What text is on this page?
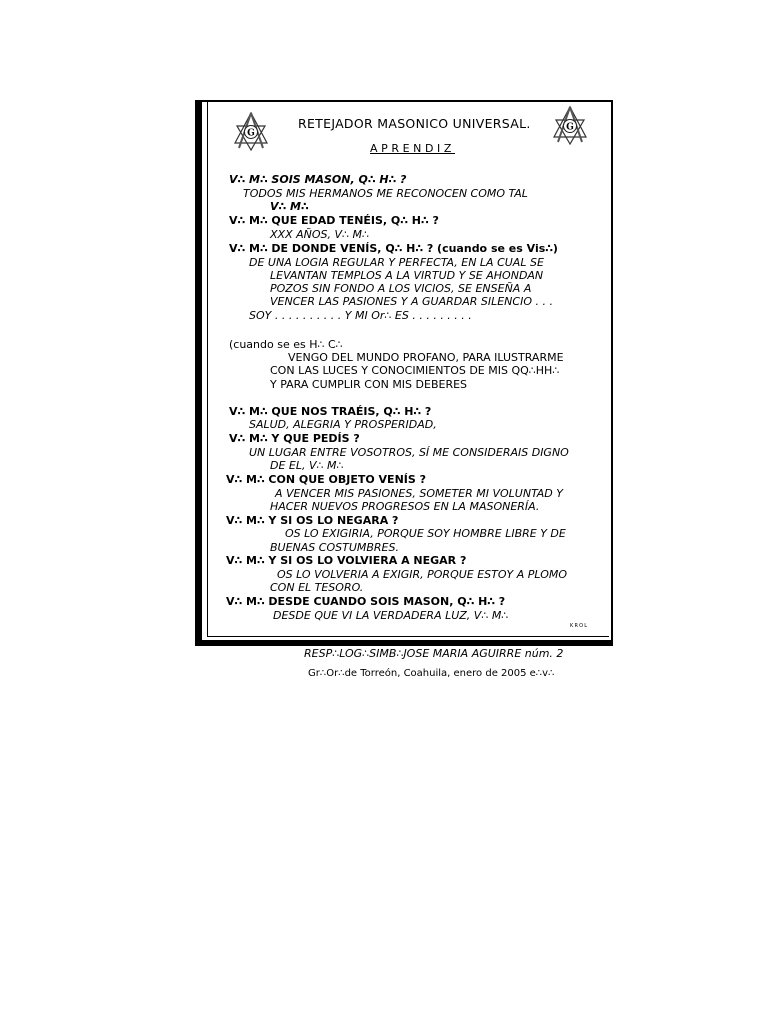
G
G
RETEJADOR MASONICO UNIVERSAL.
APRENDIZ
V∴ M∴ SOIS MASON, Q∴ H∴ ?
TODOS MIS HERMANOS ME RECONOCEN COMO TAL
V∴ M∴
V∴ M∴ QUE EDAD TENÉIS, Q∴ H∴ ?
XXX AÑOS, V∴ M∴
V∴ M∴ DE DONDE VENÍS, Q∴ H∴ ? (cuando se es Vis∴)
DE UNA LOGIA REGULAR Y PERFECTA, EN LA CUAL SE
LEVANTAN TEMPLOS A LA VIRTUD Y SE AHONDAN
POZOS SIN FONDO A LOS VICIOS, SE ENSEÑA A
VENCER LAS PASIONES Y A GUARDAR SILENCIO . . .
SOY . . . . . . . . . . Y MI Or∴ ES . . . . . . . . .
(cuando se es H∴ C∴
VENGO DEL MUNDO PROFANO, PARA ILUSTRARME
CON LAS LUCES Y CONOCIMIENTOS DE MIS QQ∴HH∴
Y PARA CUMPLIR CON MIS DEBERES
V∴ M∴ QUE NOS TRAÉIS, Q∴ H∴ ?
SALUD, ALEGRIA Y PROSPERIDAD,
V∴ M∴ Y QUE PEDÍS ?
UN LUGAR ENTRE VOSOTROS, SÍ ME CONSIDERAIS DIGNO
DE EL, V∴ M∴
V∴ M∴ CON QUE OBJETO VENÍS ?
A VENCER MIS PASIONES, SOMETER MI VOLUNTAD Y
HACER NUEVOS PROGRESOS EN LA MASONERÍA.
V∴ M∴ Y SI OS LO NEGARA ?
OS LO EXIGIRIA, PORQUE SOY HOMBRE LIBRE Y DE
BUENAS COSTUMBRES.
V∴ M∴ Y SI OS LO VOLVIERA A NEGAR ?
OS LO VOLVERIA A EXIGIR, PORQUE ESTOY A PLOMO
CON EL TESORO.
V∴ M∴ DESDE CUANDO SOIS MASON, Q∴ H∴ ?
DESDE QUE VI LA VERDADERA LUZ, V∴ M∴
KROL
RESP∴LOG∴SIMB∴JOSE MARIA AGUIRRE núm. 2
Gr∴Or∴de Torreón, Coahuila, enero de 2005 e∴v∴
